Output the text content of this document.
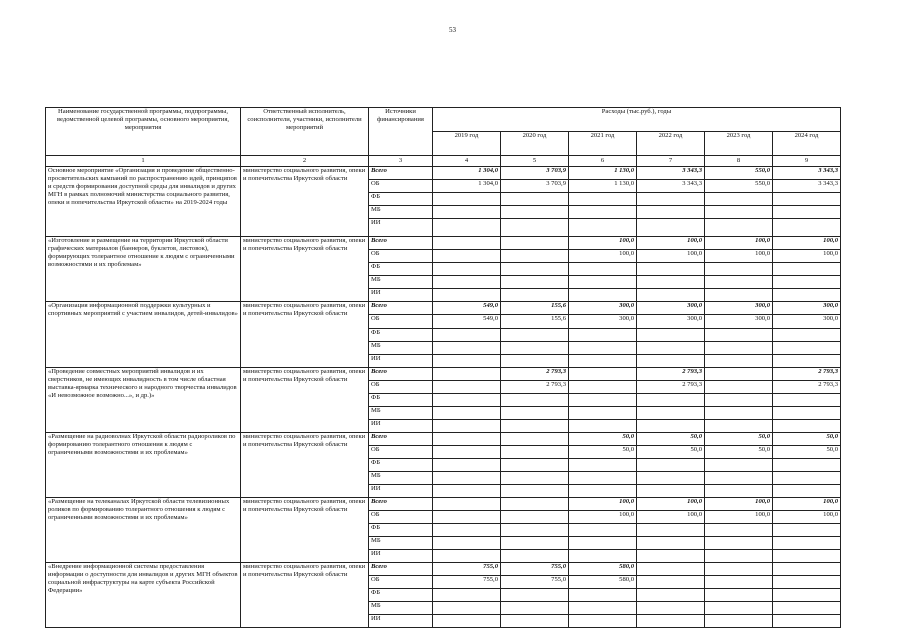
53
Наименование государственной программы, подпрограммы, ведомственной целевой программы, основного мероприятия, мероприятия	Ответственный исполнитель, соисполнители, участники, исполнители мероприятий	Источники финансирования	Расходы (тыс.руб.), годы					
			2019 год	2020 год	2021 год	2022 год	2023 год	2024 год
1	2	3	4	5	6	7	8	9
Основное мероприятие «Организация и проведение общественно-просветительских кампаний по распространению идей, принципов и средств формирования доступной среды для инвалидов и других МГН в рамках полномочий министерства социального развития, опеки и попечительства Иркутской области» на 2019-2024 годы	министерство социального развития, опеки и попечительства Иркутской области	Всего	1 304,0	3 703,9	1 130,0	3 343,3	550,0	3 343,3
		ОБ	1 304,0	3 703,9	1 130,0	3 343,3	550,0	3 343,3
		ФБ						
		МБ						
		ИИ						
«Изготовление и размещение на территории Иркутской области графических материалов (баннеров, буклетов, листовок), формирующих толерантное отношение к людям с ограниченными возможностями и их проблемам»	министерство социального развития, опеки и попечительства Иркутской области	Всего			100,0	100,0	100,0	100,0
		ОБ			100,0	100,0	100,0	100,0
		ФБ						
		МБ						
		ИИ						
«Организация информационной поддержки культурных и спортивных мероприятий с участием инвалидов, детей-инвалидов»	министерство социального развития, опеки и попечительства Иркутской области	Всего	549,0	155,6	300,0	300,0	300,0	300,0
		ОБ	549,0	155,6	300,0	300,0	300,0	300,0
		ФБ						
		МБ						
		ИИ						
«Проведение совместных мероприятий инвалидов и их сверстников, не имеющих инвалидность в том числе областная выставка-ярмарка технического и народного творчества инвалидов «И невозможное возможно...», и др.)»	министерство социального развития, опеки и попечительства Иркутской области	Всего		2 793,3		2 793,3		2 793,3
		ОБ		2 793,3		2 793,3		2 793,3
		ФБ						
		МБ						
		ИИ						
«Размещение на радиоволнах Иркутской области радиороликов по формированию толерантного отношения к людям с ограниченными возможностями и их проблемам»	министерство социального развития, опеки и попечительства Иркутской области	Всего			50,0	50,0	50,0	50,0
		ОБ			50,0	50,0	50,0	50,0
		ФБ						
		МБ						
		ИИ						
«Размещение на телеканалах Иркутской области телевизионных роликов по формированию толерантного отношения к людям с ограниченными возможностями и их проблемам»	министерство социального развития, опеки и попечительства Иркутской области	Всего			100,0	100,0	100,0	100,0
		ОБ			100,0	100,0	100,0	100,0
		ФБ						
		МБ						
		ИИ						
«Внедрение информационной системы предоставления информации о доступности для инвалидов и других МГН объектов социальной инфраструктуры на карте субъекта Российской Федерации»	министерство социального развития, опеки и попечительства Иркутской области	Всего	755,0	755,0	580,0			
		ОБ	755,0	755,0	580,0			
		ФБ						
		МБ						
		ИИ						
